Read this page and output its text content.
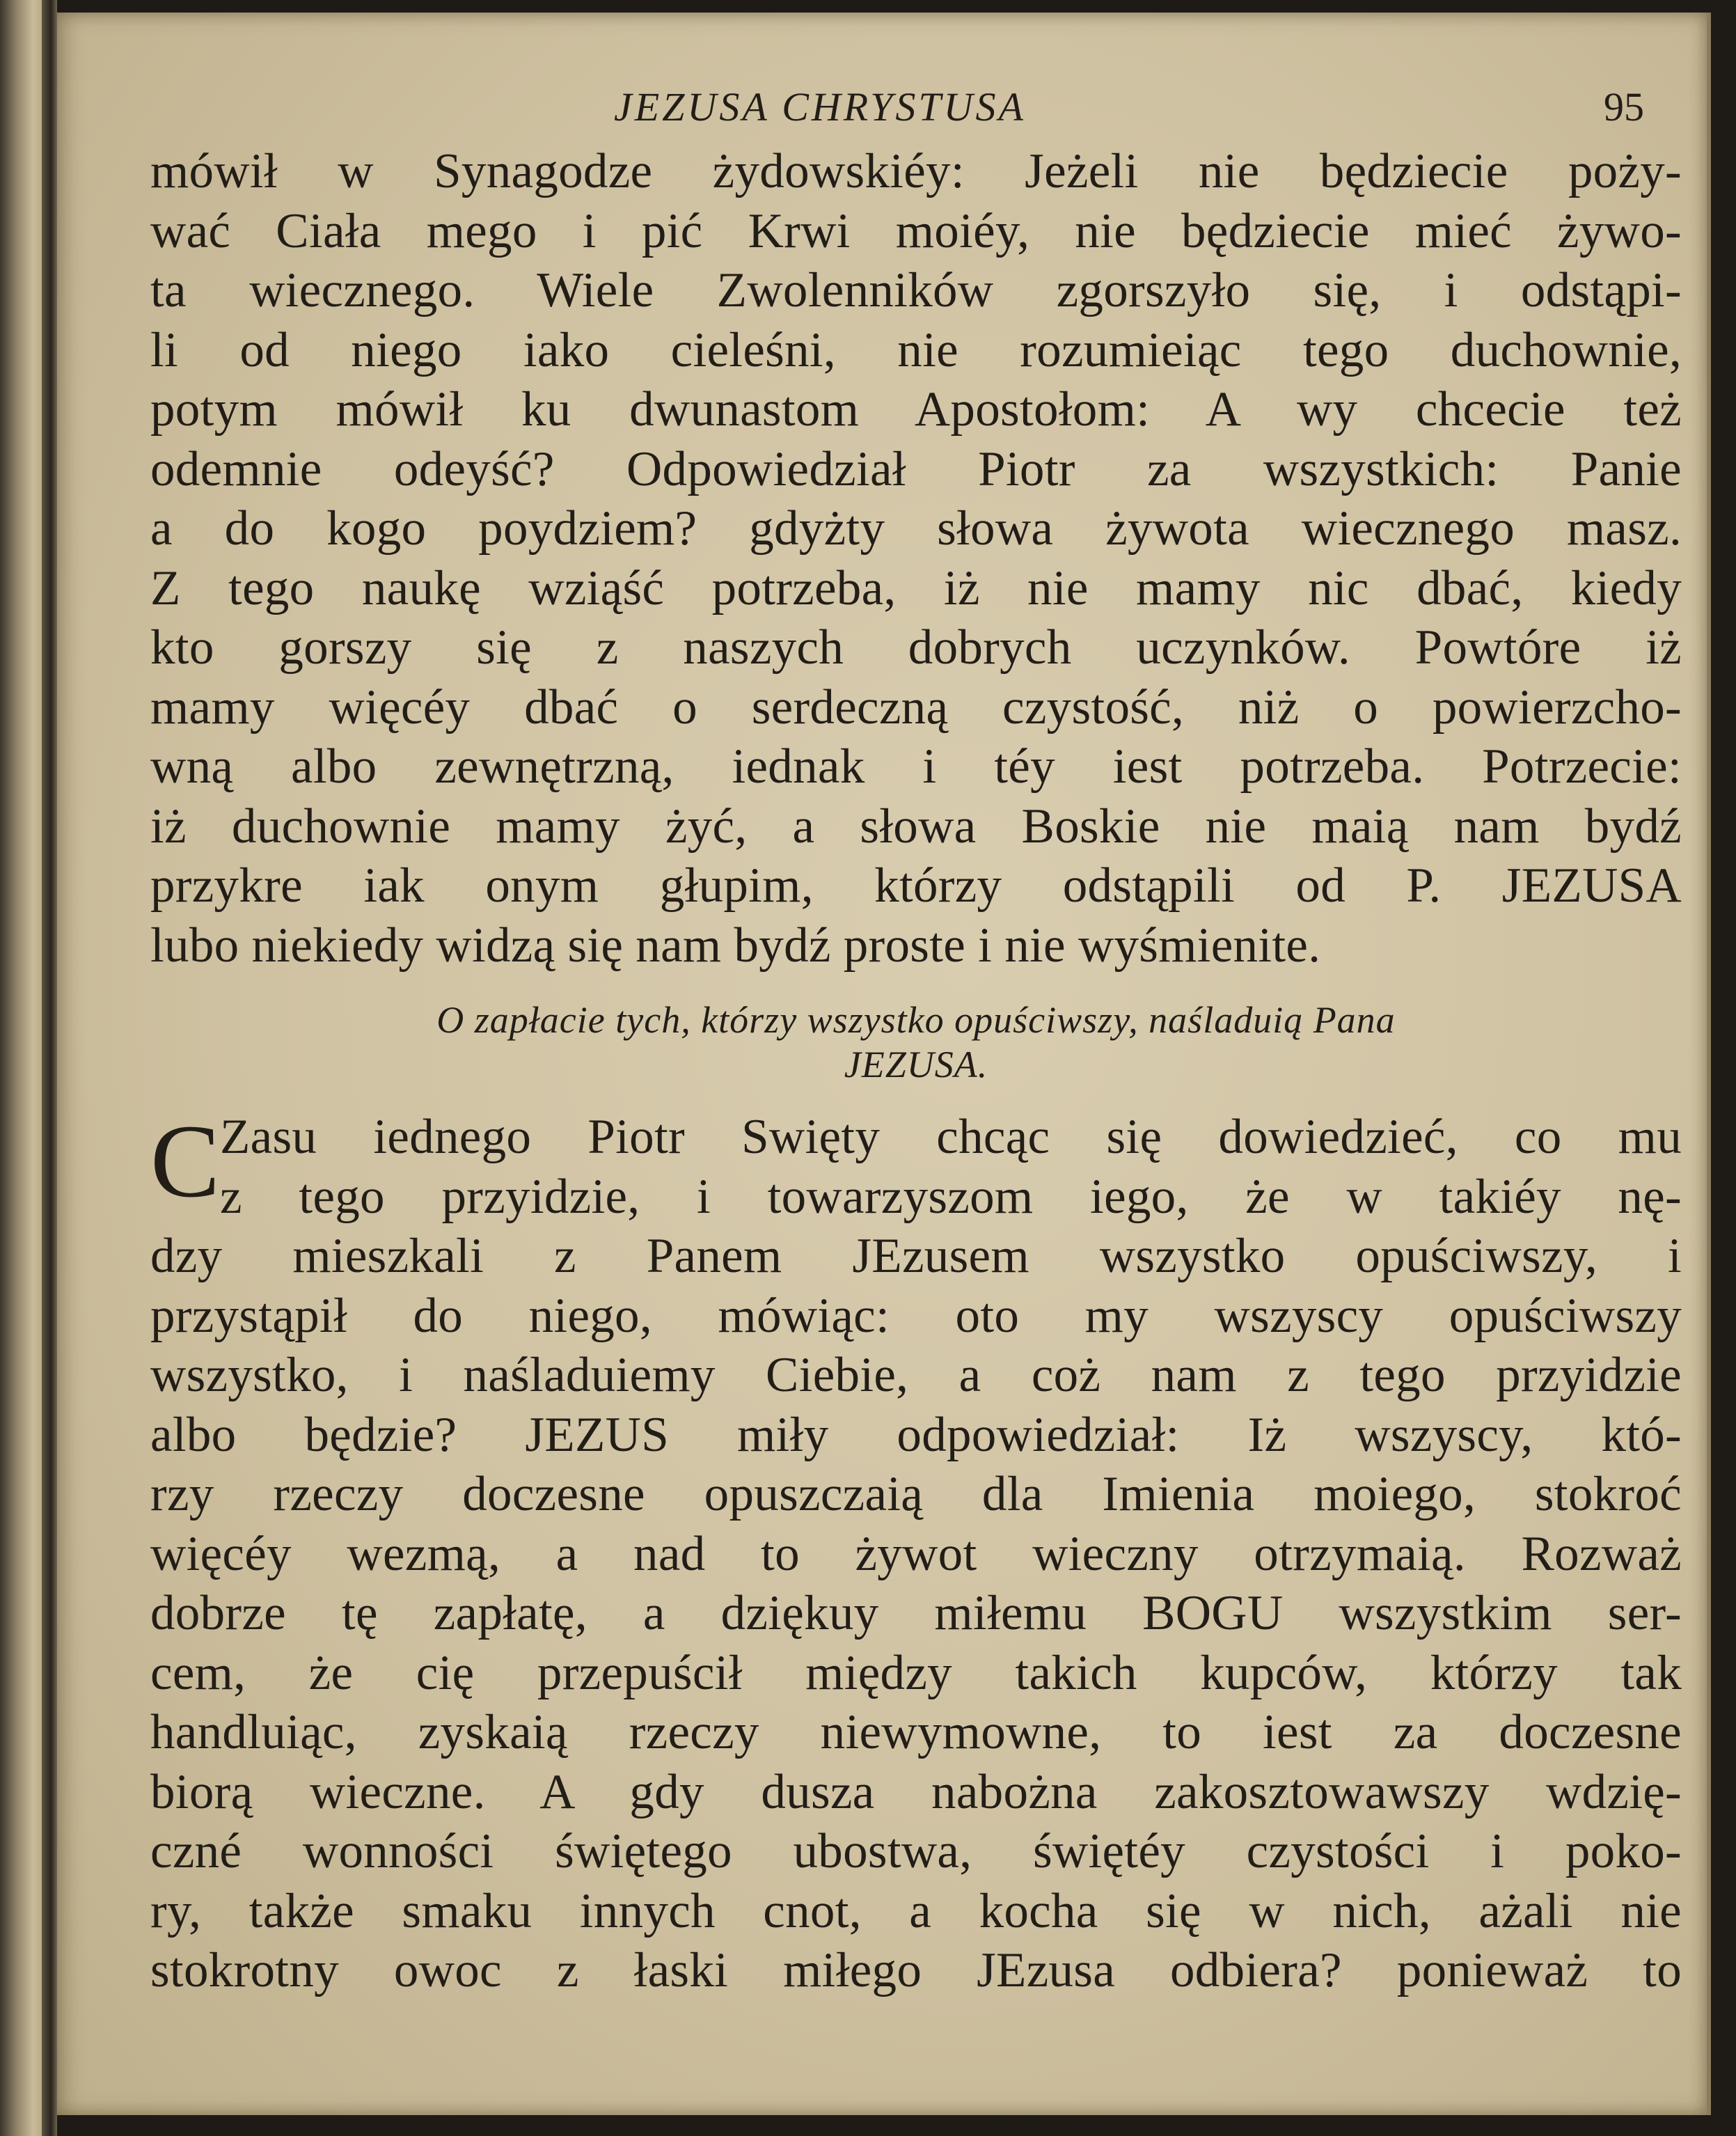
JEZUSA CHRYSTUSA	95
mówił w Synagodze żydowskiéy: Jeżeli nie będziecie poży-
wać Ciała mego i pić Krwi moiéy, nie będziecie mieć żywo-
ta wiecznego. Wiele Zwolenników zgorszyło się, i odstąpi-
li od niego iako cieleśni, nie rozumieiąc tego duchownie,
potym mówił ku dwunastom Apostołom: A wy chcecie też
odemnie odeyść? Odpowiedział Piotr za wszystkich: Panie
a do kogo poydziem? gdyżty słowa żywota wiecznego masz.
Z tego naukę wziąść potrzeba, iż nie mamy nic dbać, kiedy
kto gorszy się z naszych dobrych uczynków. Powtóre iż
mamy więcéy dbać o serdeczną czystość, niż o powierzcho-
wną albo zewnętrzną, iednak i téy iest potrzeba. Potrzecie:
iż duchownie mamy żyć, a słowa Boskie nie maią nam bydź
przykre iak onym głupim, którzy odstąpili od P. JEZUSA
lubo niekiedy widzą się nam bydź proste i nie wyśmienite.
O zapłacie tych, którzy wszystko opuściwszy, naśladuią Pana
JEZUSA.
C Zasu iednego Piotr Swięty chcąc się dowiedzieć, co mu
z tego przyidzie, i towarzyszom iego, że w takiéy nę-
dzy mieszkali z Panem JEzusem wszystko opuściwszy, i
przystąpił do niego, mówiąc: oto my wszyscy opuściwszy
wszystko, i naśladuiemy Ciebie, a coż nam z tego przyidzie
albo będzie? JEZUS miły odpowiedział: Iż wszyscy, któ-
rzy rzeczy doczesne opuszczaią dla Imienia moiego, stokroć
więcéy wezmą, a nad to żywot wieczny otrzymaią. Rozważ
dobrze tę zapłatę, a dziękuy miłemu BOGU wszystkim ser-
cem, że cię przepuścił między takich kupców, którzy tak
handluiąc, zyskaią rzeczy niewymowne, to iest za doczesne
biorą wieczne. A gdy dusza nabożna zakosztowawszy wdzię-
czné wonności świętego ubostwa, świętéy czystości i poko-
ry, także smaku innych cnot, a kocha się w nich, ażali nie
stokrotny owoc z łaski miłego JEzusa odbiera? ponieważ to
